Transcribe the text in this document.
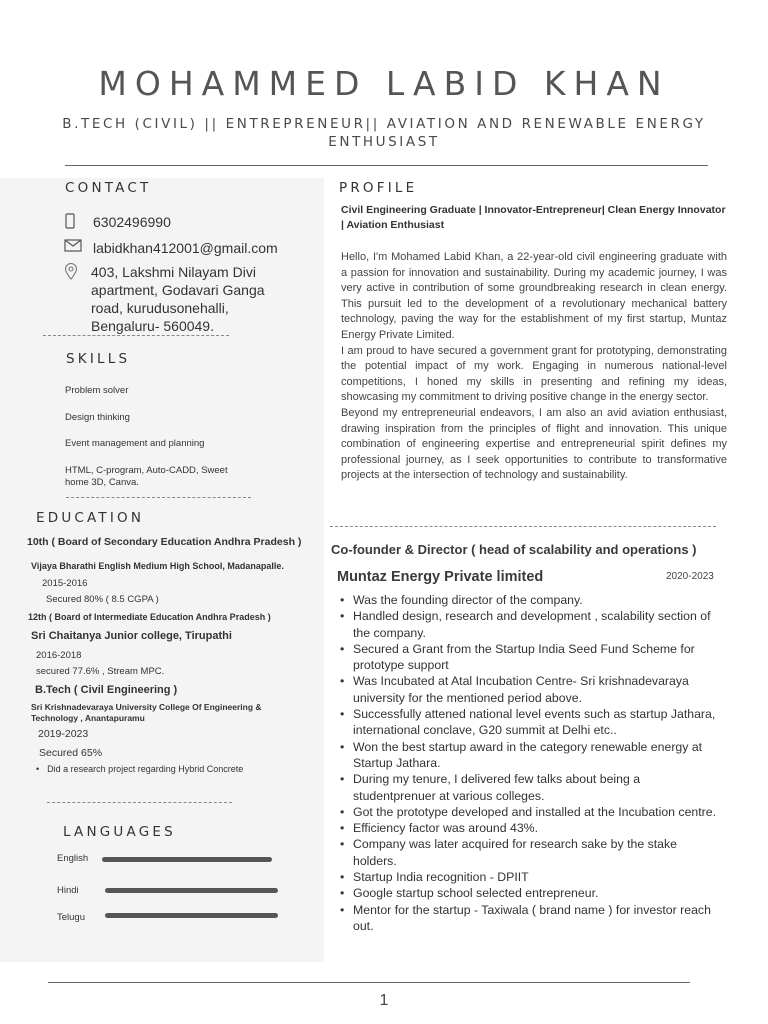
MOHAMMED LABID KHAN
B.TECH (CIVIL) || ENTREPRENEUR|| AVIATION AND RENEWABLE ENERGY ENTHUSIAST
CONTACT
6302496990
labidkhan412001@gmail.com
403, Lakshmi Nilayam Divi
apartment, Godavari Ganga
road, kurudusonehalli,
Bengaluru- 560049.
SKILLS
Problem solver
Design thinking
Event management and planning
HTML, C-program, Auto-CADD, Sweet home 3D, Canva.
EDUCATION
10th ( Board of Secondary Education Andhra Pradesh )
Vijaya Bharathi English Medium High School, Madanapalle.
2015-2016
Secured 80% ( 8.5 CGPA )
12th ( Board of Intermediate Education Andhra Pradesh )
Sri Chaitanya Junior college, Tirupathi
2016-2018
secured 77.6% , Stream MPC.
B.Tech ( Civil Engineering )
Sri Krishnadevaraya University College Of Engineering & Technology , Anantapuramu
2019-2023
Secured 65%
• Did a research project regarding Hybrid Concrete
LANGUAGES
English
Hindi
Telugu
PROFILE
Civil Engineering Graduate | Innovator-Entrepreneur| Clean Energy Innovator | Aviation Enthusiast

Hello, I'm Mohamed Labid Khan, a 22-year-old civil engineering graduate with a passion for innovation and sustainability. During my academic journey, I was very active in contribution of some groundbreaking research in clean energy. This pursuit led to the development of a revolutionary mechanical battery technology, paving the way for the establishment of my first startup, Muntaz Energy Private Limited.

I am proud to have secured a government grant for prototyping, demonstrating the potential impact of my work. Engaging in numerous national-level competitions, I honed my skills in presenting and refining my ideas, showcasing my commitment to driving positive change in the energy sector.

Beyond my entrepreneurial endeavors, I am also an avid aviation enthusiast, drawing inspiration from the principles of flight and innovation. This unique combination of engineering expertise and entrepreneurial spirit defines my professional journey, as I seek opportunities to contribute to transformative projects at the intersection of technology and sustainability.

Co-founder & Director ( head of scalability and operations )
Muntaz Energy Private limited	2020-2023
• Was the founding director of the company.
• Handled design, research and development , scalability section of the company.
• Secured a Grant from the Startup India Seed Fund Scheme for prototype support
• Was Incubated at Atal Incubation Centre- Sri krishnadevaraya university for the mentioned period above.
• Successfully attened national level events such as startup Jathara, international conclave, G20 summit at Delhi etc..
• Won the best startup award in the category renewable energy at Startup Jathara.
• During my tenure, I delivered few talks about being a studentprenuer at various colleges.
• Got the prototype developed and installed at the Incubation centre.
• Efficiency factor was around 43%.
• Company was later acquired for research sake by the stake holders.
• Startup India recognition - DPIIT
• Google startup school selected entrepreneur.
• Mentor for the startup - Taxiwala ( brand name ) for investor reach out.
1
